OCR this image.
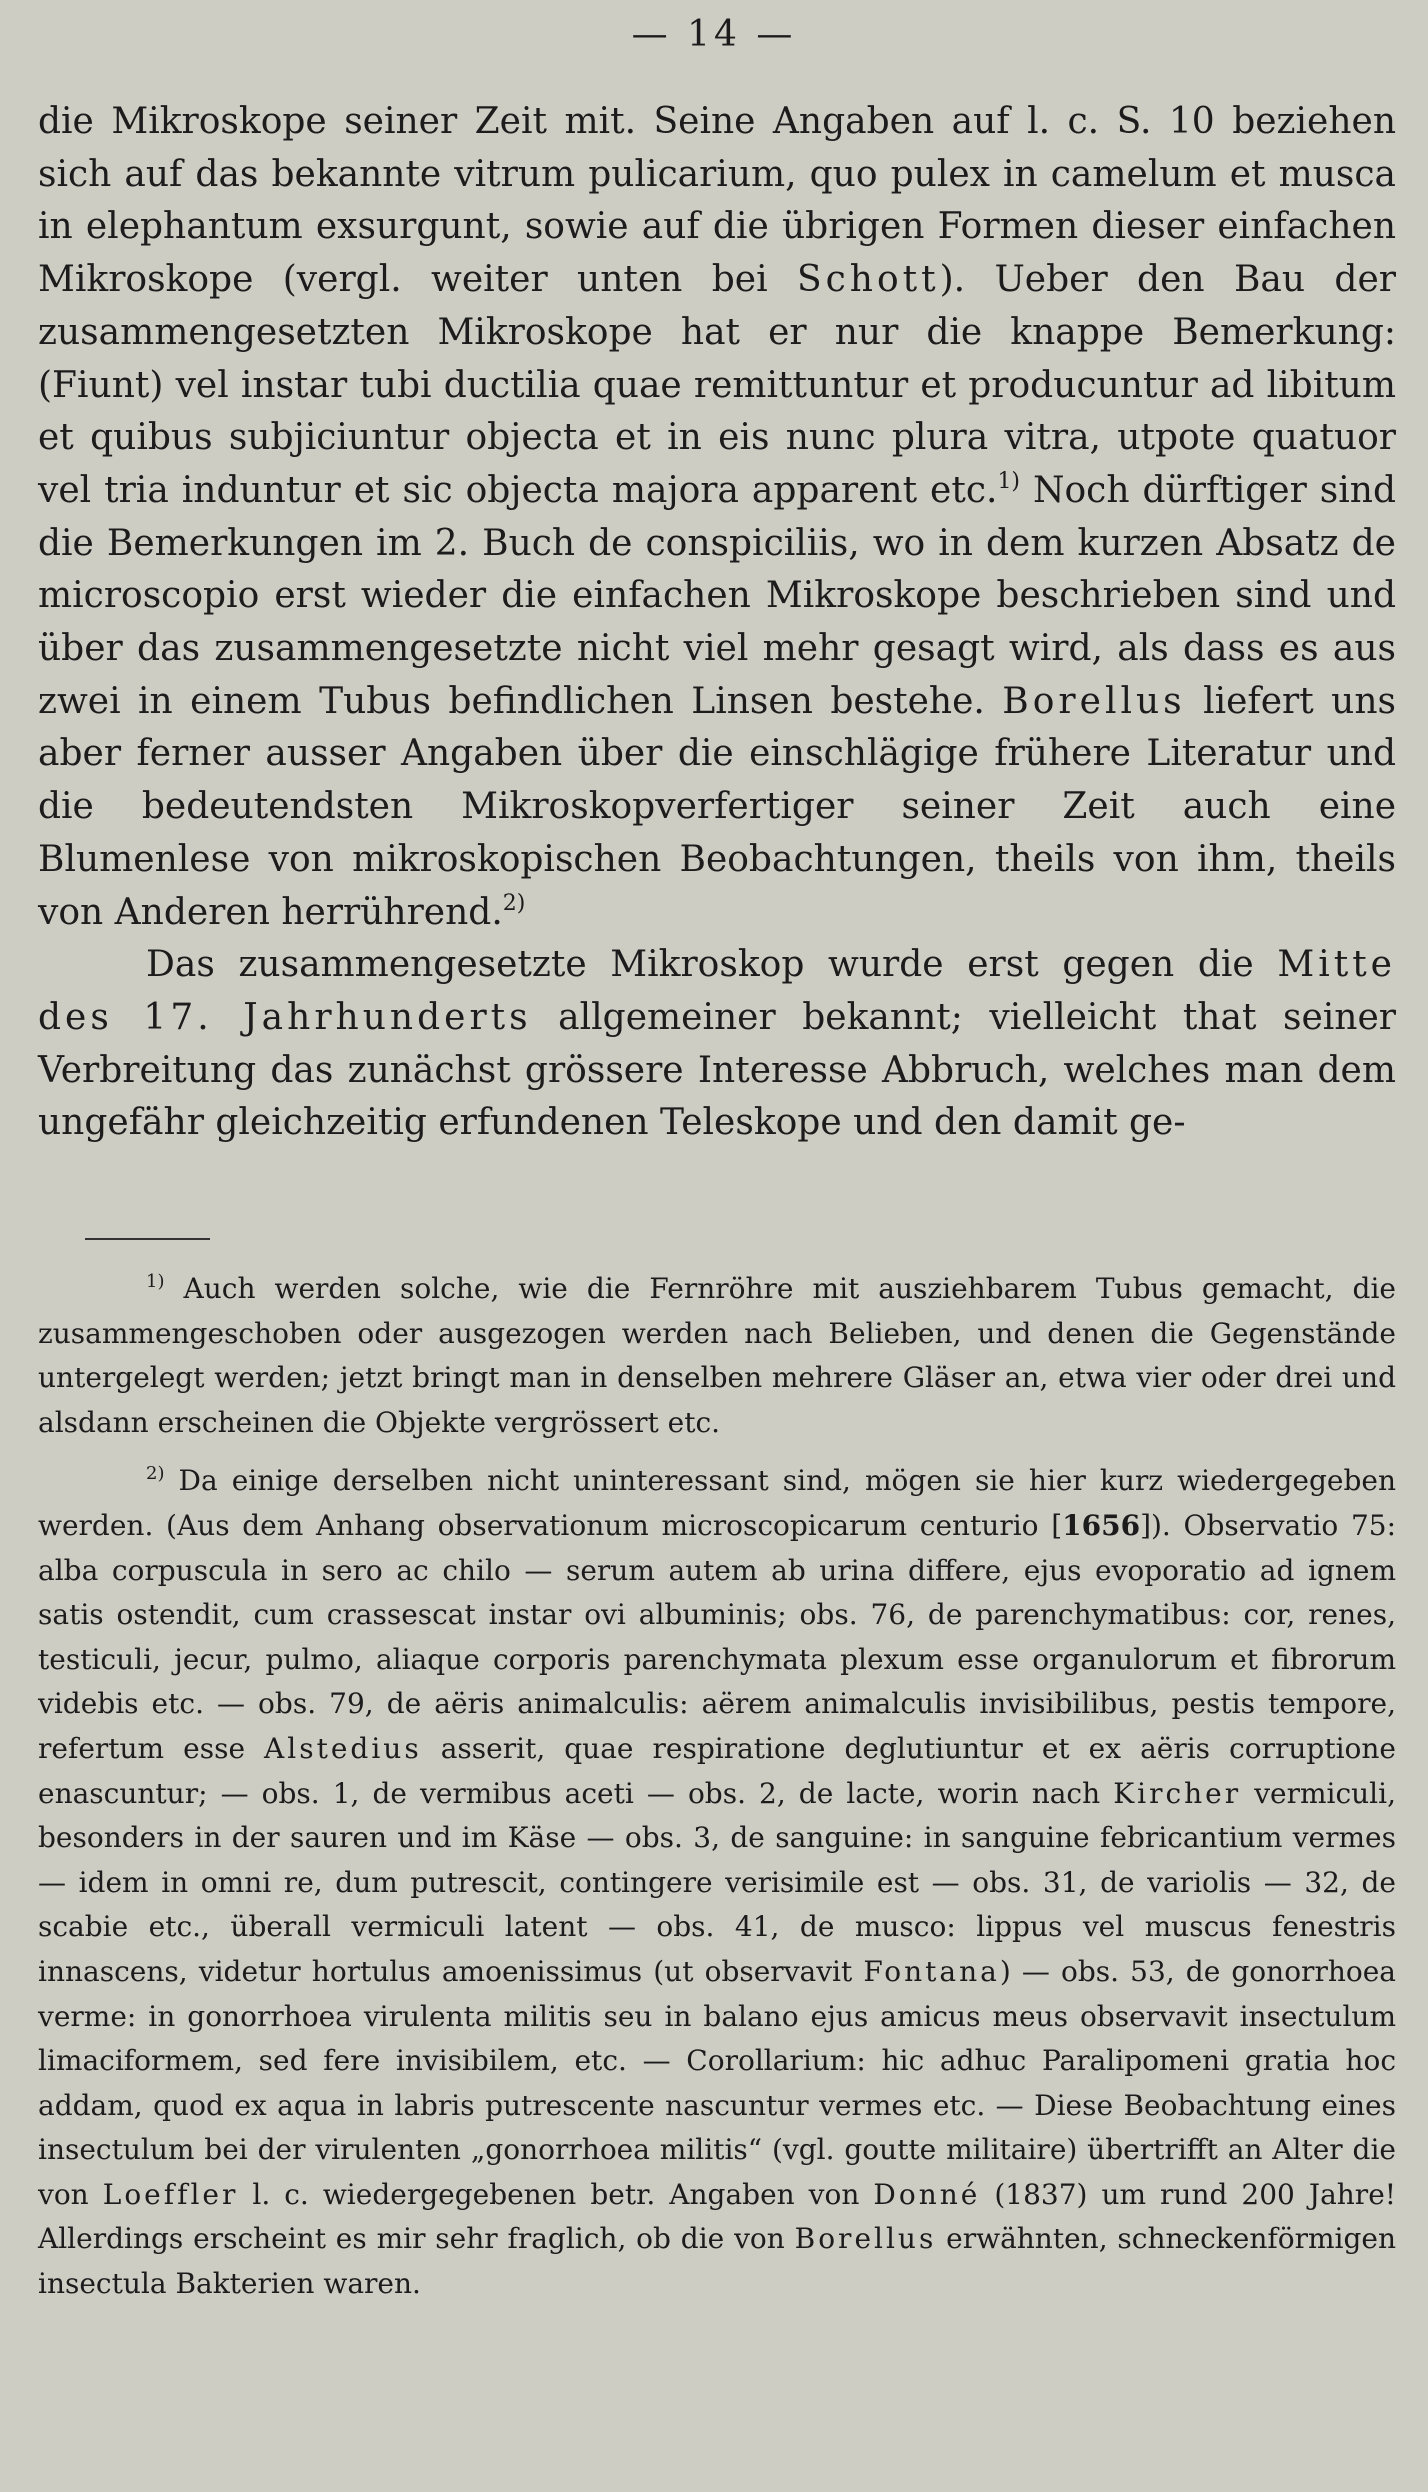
— 14 —

die Mikroskope seiner Zeit mit. Seine Angaben auf l. c. S. 10 beziehen sich auf das bekannte vitrum pulicarium, quo pulex in camelum et musca in elephantum exsurgunt, sowie auf die übrigen Formen dieser einfachen Mikroskope (vergl. weiter unten bei Schott). Ueber den Bau der zusammengesetzten Mikroskope hat er nur die knappe Bemerkung: (Fiunt) vel instar tubi ductilia quae remittuntur et producuntur ad libitum et quibus subjiciuntur objecta et in eis nunc plura vitra, utpote quatuor vel tria induntur et sic objecta majora apparent etc.$^{1)}$ Noch dürftiger sind die Bemerkungen im 2. Buch de conspiciliis, wo in dem kurzen Absatz de microscopio erst wieder die einfachen Mikroskope beschrieben sind und über das zusammengesetzte nicht viel mehr gesagt wird, als dass es aus zwei in einem Tubus befindlichen Linsen bestehe. Borellus liefert uns aber ferner ausser Angaben über die einschlägige frühere Literatur und die bedeutendsten Mikroskopverfertiger seiner Zeit auch eine Blumenlese von mikroskopischen Beobachtungen, theils von ihm, theils von Anderen herrührend.$^{2)}$

Das zusammengesetzte Mikroskop wurde erst gegen die Mitte des 17. Jahrhunderts allgemeiner bekannt; vielleicht that seiner Verbreitung das zunächst grössere Interesse Abbruch, welches man dem ungefähr gleichzeitig erfundenen Teleskope und den damit ge-

$^{1)}$ Auch werden solche, wie die Fernröhre mit ausziehbarem Tubus gemacht, die zusammengeschoben oder ausgezogen werden nach Belieben, und denen die Gegenstände untergelegt werden; jetzt bringt man in denselben mehrere Gläser an, etwa vier oder drei und alsdann erscheinen die Objekte vergrössert etc.

$^{2)}$ Da einige derselben nicht uninteressant sind, mögen sie hier kurz wiedergegeben werden. (Aus dem Anhang observationum microscopicarum centurio [1656]). Observatio 75: alba corpuscula in sero ac chilo — serum autem ab urina differe, ejus evoporatio ad ignem satis ostendit, cum crassescat instar ovi albuminis; obs. 76, de parenchymatibus: cor, renes, testiculi, jecur, pulmo, aliaque corporis parenchymata plexum esse organulorum et fibrorum videbis etc. — obs. 79, de aëris animalculis: aërem animalculis invisibilibus, pestis tempore, refertum esse Alstedius asserit, quae respiratione deglutiuntur et ex aëris corruptione enascuntur; — obs. 1, de vermibus aceti — obs. 2, de lacte, worin nach Kircher vermiculi, besonders in der sauren und im Käse — obs. 3, de sanguine: in sanguine febricantium vermes — idem in omni re, dum putrescit, contingere verisimile est — obs. 31, de variolis — 32, de scabie etc., überall vermiculi latent — obs. 41, de musco: lippus vel muscus fenestris innascens, videtur hortulus amoenissimus (ut observavit Fontana) — obs. 53, de gonorrhoea verme: in gonorrhoea virulenta militis seu in balano ejus amicus meus observavit insectulum limaciformem, sed fere invisibilem, etc. — Corollarium: hic adhuc Paralipomeni gratia hoc addam, quod ex aqua in labris putrescente nascuntur vermes etc. — Diese Beobachtung eines insectulum bei der virulenten „gonorrhoea militis“ (vgl. goutte militaire) übertrifft an Alter die von Loeffler l. c. wiedergegebenen betr. Angaben von Donné (1837) um rund 200 Jahre! Allerdings erscheint es mir sehr fraglich, ob die von Borellus erwähnten, schneckenförmigen insectula Bakterien waren.
